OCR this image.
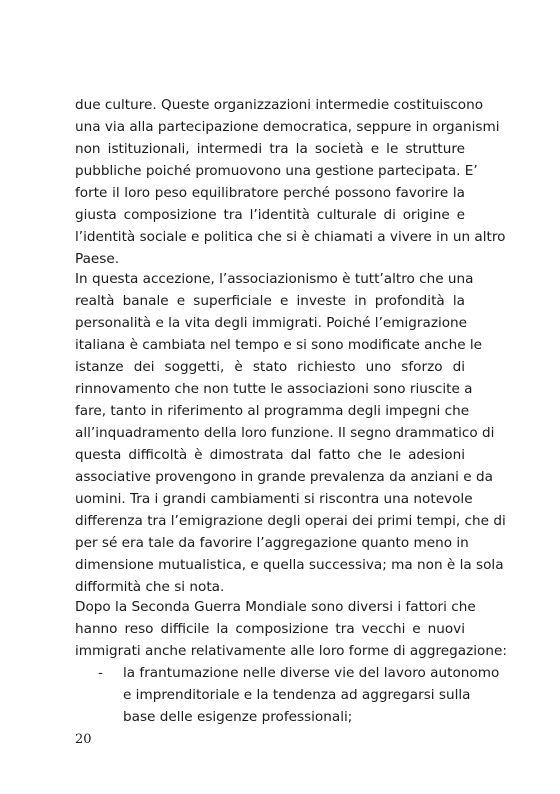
due culture. Queste organizzazioni intermedie costituiscono
una via alla partecipazione democratica, seppure in organismi
non istituzionali, intermedi tra la società e le strutture
pubbliche poiché promuovono una gestione partecipata. E’
forte il loro peso equilibratore perché possono favorire la
giusta composizione tra l’identità culturale di origine e
l’identità sociale e politica che si è chiamati a vivere in un altro
Paese.
In questa accezione, l’associazionismo è tutt’altro che una
realtà banale e superficiale e investe in profondità la
personalità e la vita degli immigrati. Poiché l’emigrazione
italiana è cambiata nel tempo e si sono modificate anche le
istanze dei soggetti, è stato richiesto uno sforzo di
rinnovamento che non tutte le associazioni sono riuscite a
fare, tanto in riferimento al programma degli impegni che
all’inquadramento della loro funzione. Il segno drammatico di
questa difficoltà è dimostrata dal fatto che le adesioni
associative provengono in grande prevalenza da anziani e da
uomini. Tra i grandi cambiamenti si riscontra una notevole
differenza tra l’emigrazione degli operai dei primi tempi, che di
per sé era tale da favorire l’aggregazione quanto meno in
dimensione mutualistica, e quella successiva; ma non è la sola
difformità che si nota.
Dopo la Seconda Guerra Mondiale sono diversi i fattori che
hanno reso difficile la composizione tra vecchi e nuovi
immigrati anche relativamente alle loro forme di aggregazione:
- la frantumazione nelle diverse vie del lavoro autonomo
e imprenditoriale e la tendenza ad aggregarsi sulla
base delle esigenze professionali;
20
